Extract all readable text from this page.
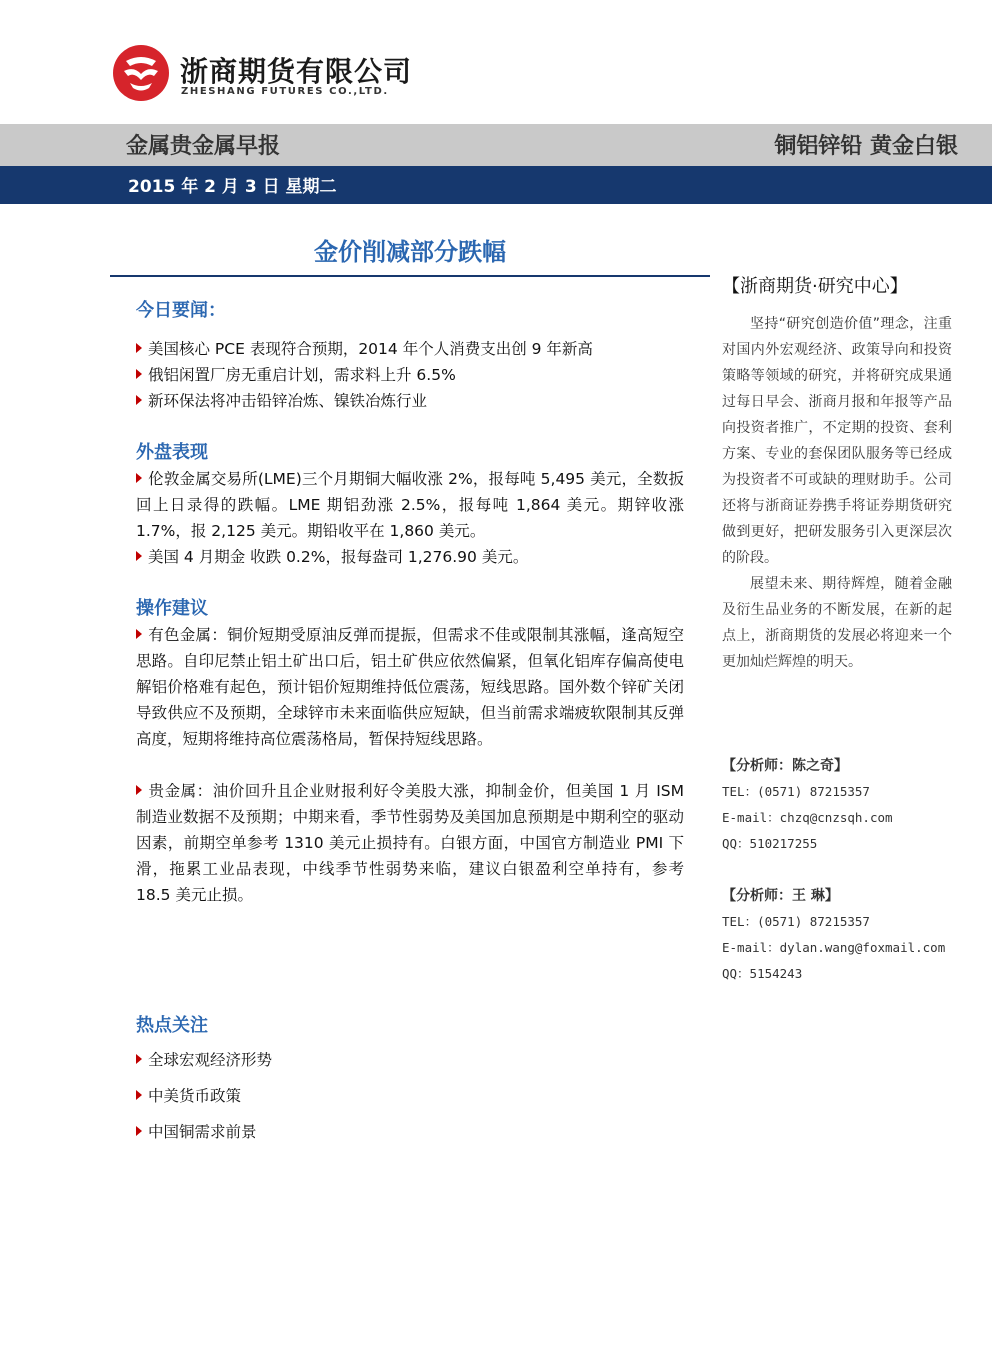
浙商期货有限公司
ZHESHANG FUTURES CO.,LTD.
金属贵金属早报	铜铝锌铅 黄金白银
2015 年 2 月 3 日 星期二
金价削减部分跌幅
今日要闻：
美国核心 PCE 表现符合预期，2014 年个人消费支出创 9 年新高
俄铝闲置厂房无重启计划，需求料上升 6.5%
新环保法将冲击铅锌冶炼、镍铁冶炼行业
外盘表现
伦敦金属交易所(LME)三个月期铜大幅收涨 2%，报每吨 5,495 美元，全数扳回上日录得的跌幅。LME 期铝劲涨 2.5%，报每吨 1,864 美元。期锌收涨 1.7%，报 2,125 美元。期铅收平在 1,860 美元。
美国 4 月期金 收跌 0.2%，报每盎司 1,276.90 美元。
操作建议
有色金属：铜价短期受原油反弹而提振，但需求不佳或限制其涨幅，逢高短空思路。自印尼禁止铝土矿出口后，铝土矿供应依然偏紧，但氧化铝库存偏高使电解铝价格难有起色，预计铝价短期维持低位震荡，短线思路。国外数个锌矿关闭导致供应不及预期，全球锌市未来面临供应短缺，但当前需求端疲软限制其反弹高度，短期将维持高位震荡格局，暂保持短线思路。
贵金属：油价回升且企业财报利好令美股大涨，抑制金价，但美国 1 月 ISM 制造业数据不及预期；中期来看，季节性弱势及美国加息预期是中期利空的驱动因素，前期空单参考 1310 美元止损持有。白银方面，中国官方制造业 PMI 下滑，拖累工业品表现，中线季节性弱势来临，建议白银盈利空单持有，参考 18.5 美元止损。
热点关注
全球宏观经济形势
中美货币政策
中国铜需求前景
【浙商期货·研究中心】
坚持“研究创造价值”理念，注重对国内外宏观经济、政策导向和投资策略等领域的研究，并将研究成果通过每日早会、浙商月报和年报等产品向投资者推广，不定期的投资、套利方案、专业的套保团队服务等已经成为投资者不可或缺的理财助手。公司还将与浙商证券携手将证券期货研究做到更好，把研发服务引入更深层次的阶段。
展望未来、期待辉煌，随着金融及衍生品业务的不断发展，在新的起点上，浙商期货的发展必将迎来一个更加灿烂辉煌的明天。
【分析师：陈之奇】
TEL：(0571) 87215357
E-mail：chzq@cnzsqh.com
QQ：510217255
【分析师：王 琳】
TEL：(0571) 87215357
E-mail：dylan.wang@foxmail.com
QQ：5154243
